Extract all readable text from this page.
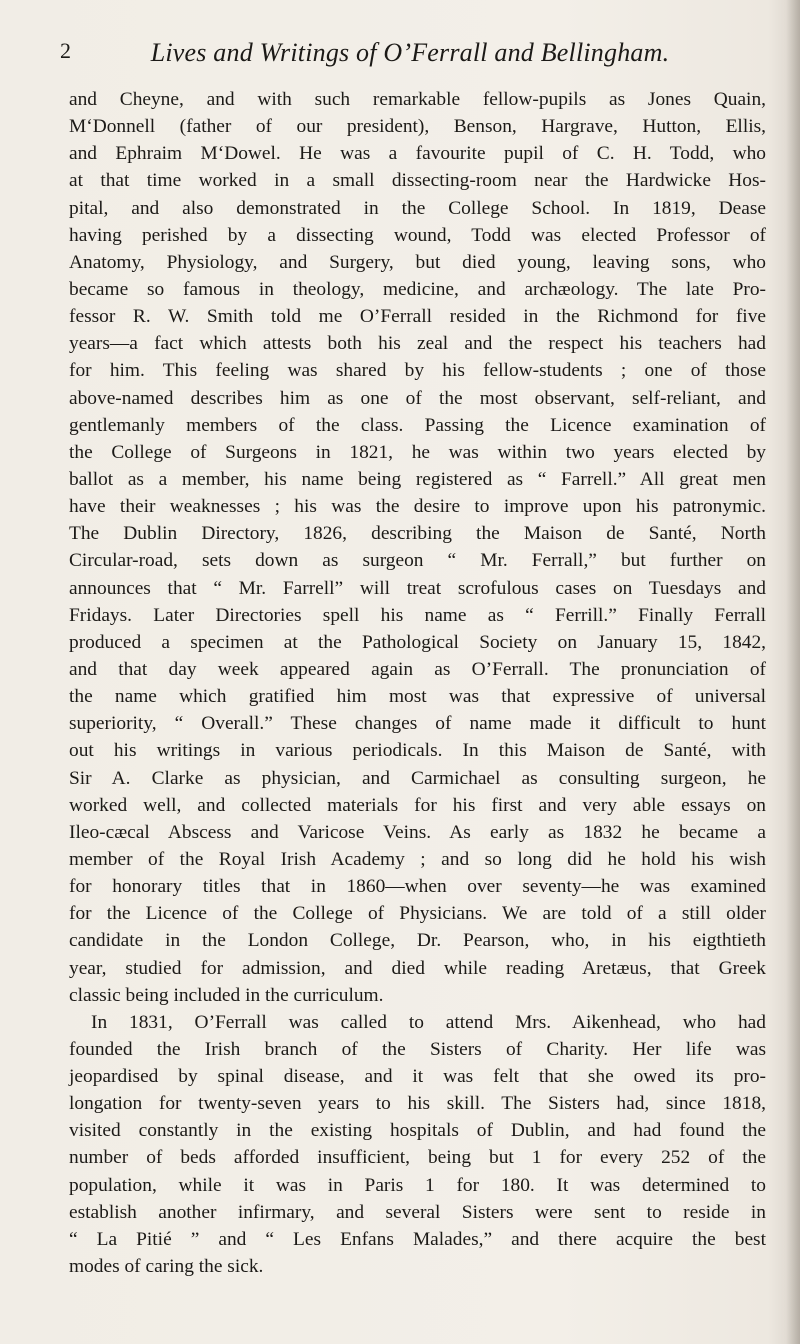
2	Lives and Writings of O’Ferrall and Bellingham.
and Cheyne, and with such remarkable fellow-pupils as Jones Quain,
M‘Donnell (father of our president), Benson, Hargrave, Hutton, Ellis,
and Ephraim M‘Dowel. He was a favourite pupil of C. H. Todd, who
at that time worked in a small dissecting-room near the Hardwicke Hos-
pital, and also demonstrated in the College School. In 1819, Dease
having perished by a dissecting wound, Todd was elected Professor of
Anatomy, Physiology, and Surgery, but died young, leaving sons, who
became so famous in theology, medicine, and archæology. The late Pro-
fessor R. W. Smith told me O’Ferrall resided in the Richmond for five
years—a fact which attests both his zeal and the respect his teachers had
for him. This feeling was shared by his fellow-students ; one of those
above-named describes him as one of the most observant, self-reliant, and
gentlemanly members of the class. Passing the Licence examination of
the College of Surgeons in 1821, he was within two years elected by
ballot as a member, his name being registered as “ Farrell.” All great men
have their weaknesses ; his was the desire to improve upon his patronymic.
The Dublin Directory, 1826, describing the Maison de Santé, North
Circular-road, sets down as surgeon “ Mr. Ferrall,” but further on
announces that “ Mr. Farrell” will treat scrofulous cases on Tuesdays and
Fridays. Later Directories spell his name as “ Ferrill.” Finally Ferrall
produced a specimen at the Pathological Society on January 15, 1842,
and that day week appeared again as O’Ferrall. The pronunciation of
the name which gratified him most was that expressive of universal
superiority, “ Overall.” These changes of name made it difficult to hunt
out his writings in various periodicals. In this Maison de Santé, with
Sir A. Clarke as physician, and Carmichael as consulting surgeon, he
worked well, and collected materials for his first and very able essays on
Ileo-cæcal Abscess and Varicose Veins. As early as 1832 he became a
member of the Royal Irish Academy ; and so long did he hold his wish
for honorary titles that in 1860—when over seventy—he was examined
for the Licence of the College of Physicians. We are told of a still older
candidate in the London College, Dr. Pearson, who, in his eigthtieth
year, studied for admission, and died while reading Aretæus, that Greek
classic being included in the curriculum.
In 1831, O’Ferrall was called to attend Mrs. Aikenhead, who had
founded the Irish branch of the Sisters of Charity. Her life was
jeopardised by spinal disease, and it was felt that she owed its pro-
longation for twenty-seven years to his skill. The Sisters had, since 1818,
visited constantly in the existing hospitals of Dublin, and had found the
number of beds afforded insufficient, being but 1 for every 252 of the
population, while it was in Paris 1 for 180. It was determined to
establish another infirmary, and several Sisters were sent to reside in
“ La Pitié ” and “ Les Enfans Malades,” and there acquire the best
modes of caring the sick.
